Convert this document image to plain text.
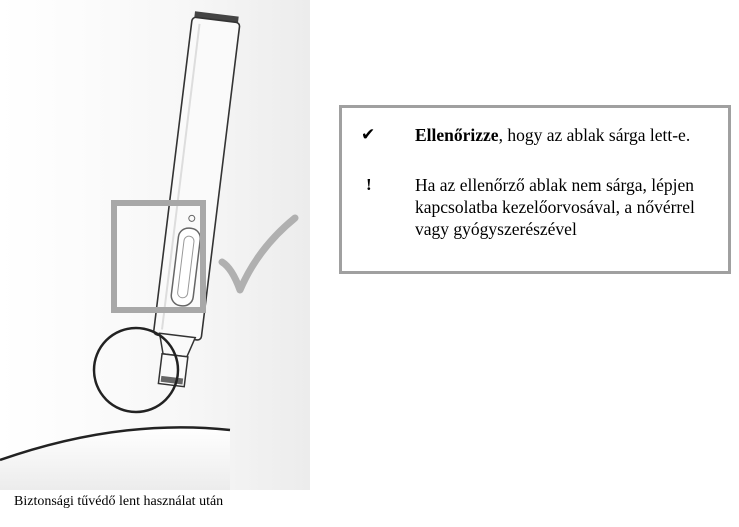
Biztonsági tűvédő lent használat után
✔ Ellenőrizze, hogy az ablak sárga lett-e.
! Ha az ellenőrző ablak nem sárga, lépjen kapcsolatba kezelőorvosával, a nővérrel vagy gyógyszerészével
